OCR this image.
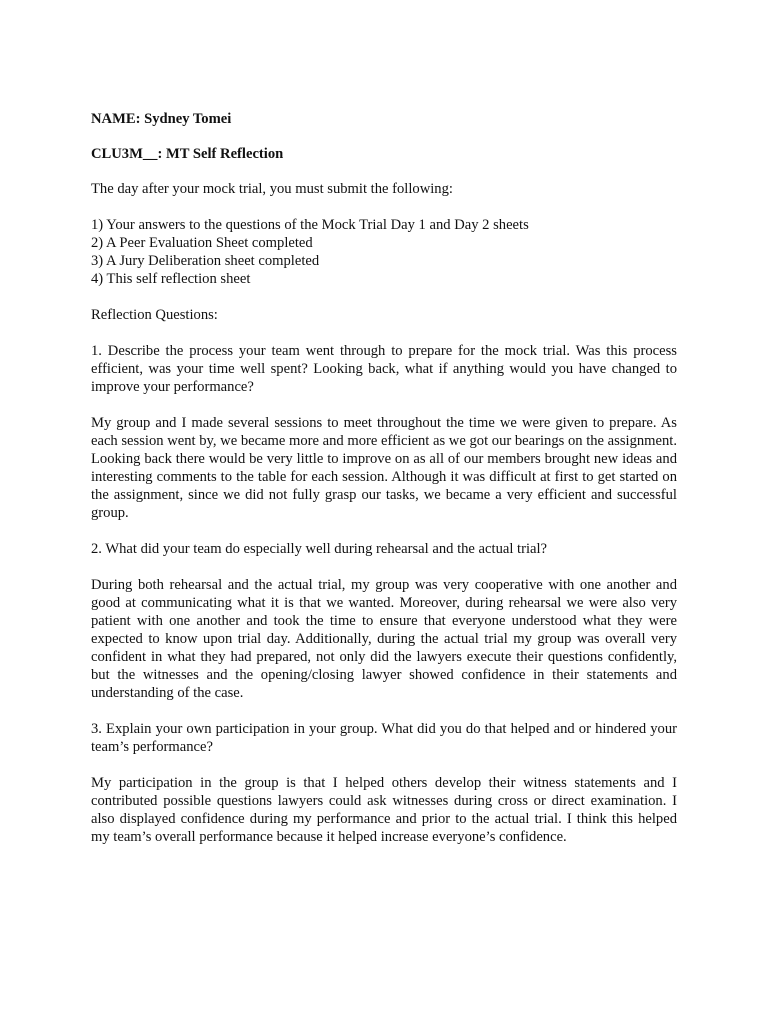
NAME: Sydney Tomei

CLU3M__: MT Self Reflection

The day after your mock trial, you must submit the following:

1) Your answers to the questions of the Mock Trial Day 1 and Day 2 sheets
2) A Peer Evaluation Sheet completed
3) A Jury Deliberation sheet completed
4) This self reflection sheet

Reflection Questions:

1. Describe the process your team went through to prepare for the mock trial. Was this process efficient, was your time well spent? Looking back, what if anything would you have changed to improve your performance?

My group and I made several sessions to meet throughout the time we were given to prepare. As each session went by, we became more and more efficient as we got our bearings on the assignment. Looking back there would be very little to improve on as all of our members brought new ideas and interesting comments to the table for each session. Although it was difficult at first to get started on the assignment, since we did not fully grasp our tasks, we became a very efficient and successful group.

2. What did your team do especially well during rehearsal and the actual trial?

During both rehearsal and the actual trial, my group was very cooperative with one another and good at communicating what it is that we wanted. Moreover, during rehearsal we were also very patient with one another and took the time to ensure that everyone understood what they were expected to know upon trial day. Additionally, during the actual trial my group was overall very confident in what they had prepared, not only did the lawyers execute their questions confidently, but the witnesses and the opening/closing lawyer showed confidence in their statements and understanding of the case.

3. Explain your own participation in your group. What did you do that helped and or hindered your team’s performance?

My participation in the group is that I helped others develop their witness statements and I contributed possible questions lawyers could ask witnesses during cross or direct examination. I also displayed confidence during my performance and prior to the actual trial. I think this helped my team’s overall performance because it helped increase everyone’s confidence.
